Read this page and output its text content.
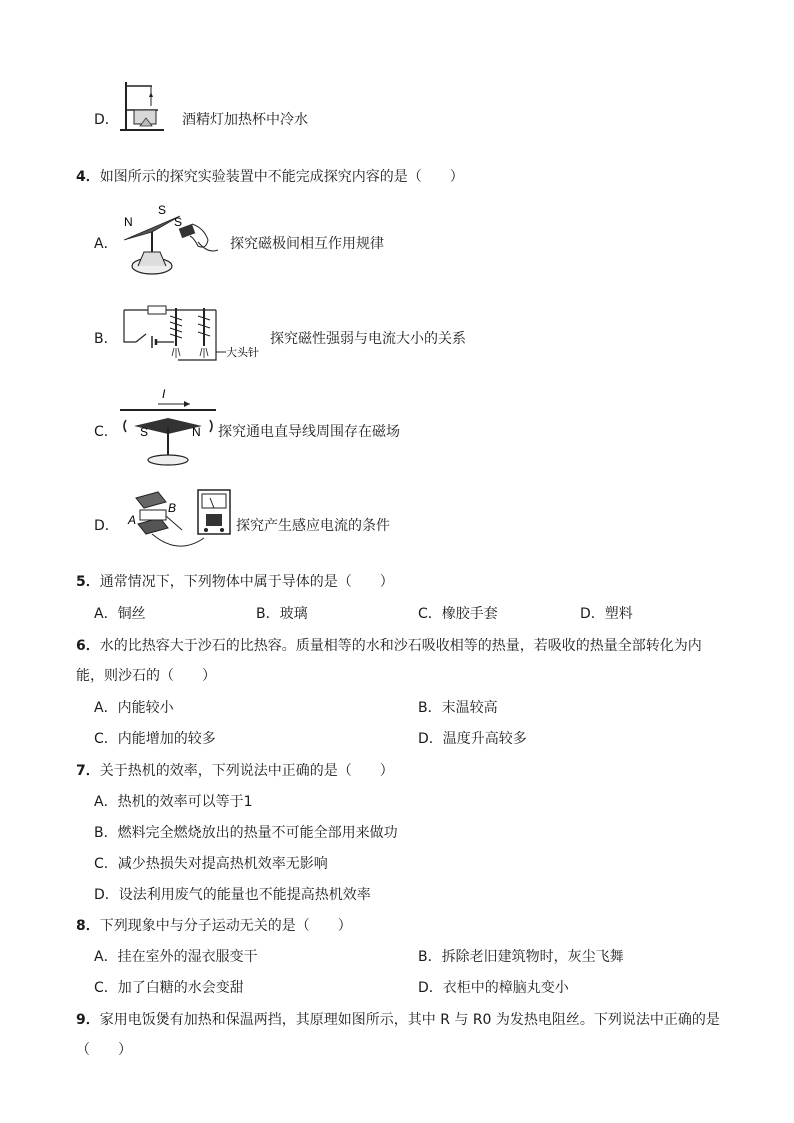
D．	酒精灯加热杯中冷水
4．如图所示的探究实验装置中不能完成探究内容的是（　　）
A．
N
S
S
探究磁极间相互作用规律
B．
大头针
探究磁性强弱与电流大小的关系
C．
I
S	N 探究通电直导线周围存在磁场
D． A
B
探究产生感应电流的条件
5．通常情况下，下列物体中属于导体的是（　　）
A．铜丝	B．玻璃	C．橡胶手套	D．塑料
6．水的比热容大于沙石的比热容。质量相等的水和沙石吸收相等的热量，若吸收的热量全部转化为内
能，则沙石的（　　）
A．内能较小	B．末温较高
C．内能增加的较多	D．温度升高较多
7．关于热机的效率，下列说法中正确的是（　　）
A．热机的效率可以等于1
B．燃料完全燃烧放出的热量不可能全部用来做功
C．减少热损失对提高热机效率无影响
D．设法利用废气的能量也不能提高热机效率
8．下列现象中与分子运动无关的是（　　）
A．挂在室外的湿衣服变干	B．拆除老旧建筑物时，灰尘飞舞
C．加了白糖的水会变甜	D．衣柜中的樟脑丸变小
9．家用电饭煲有加热和保温两挡，其原理如图所示，其中 R 与 R0 为发热电阻丝。下列说法中正确的是
（　　）
